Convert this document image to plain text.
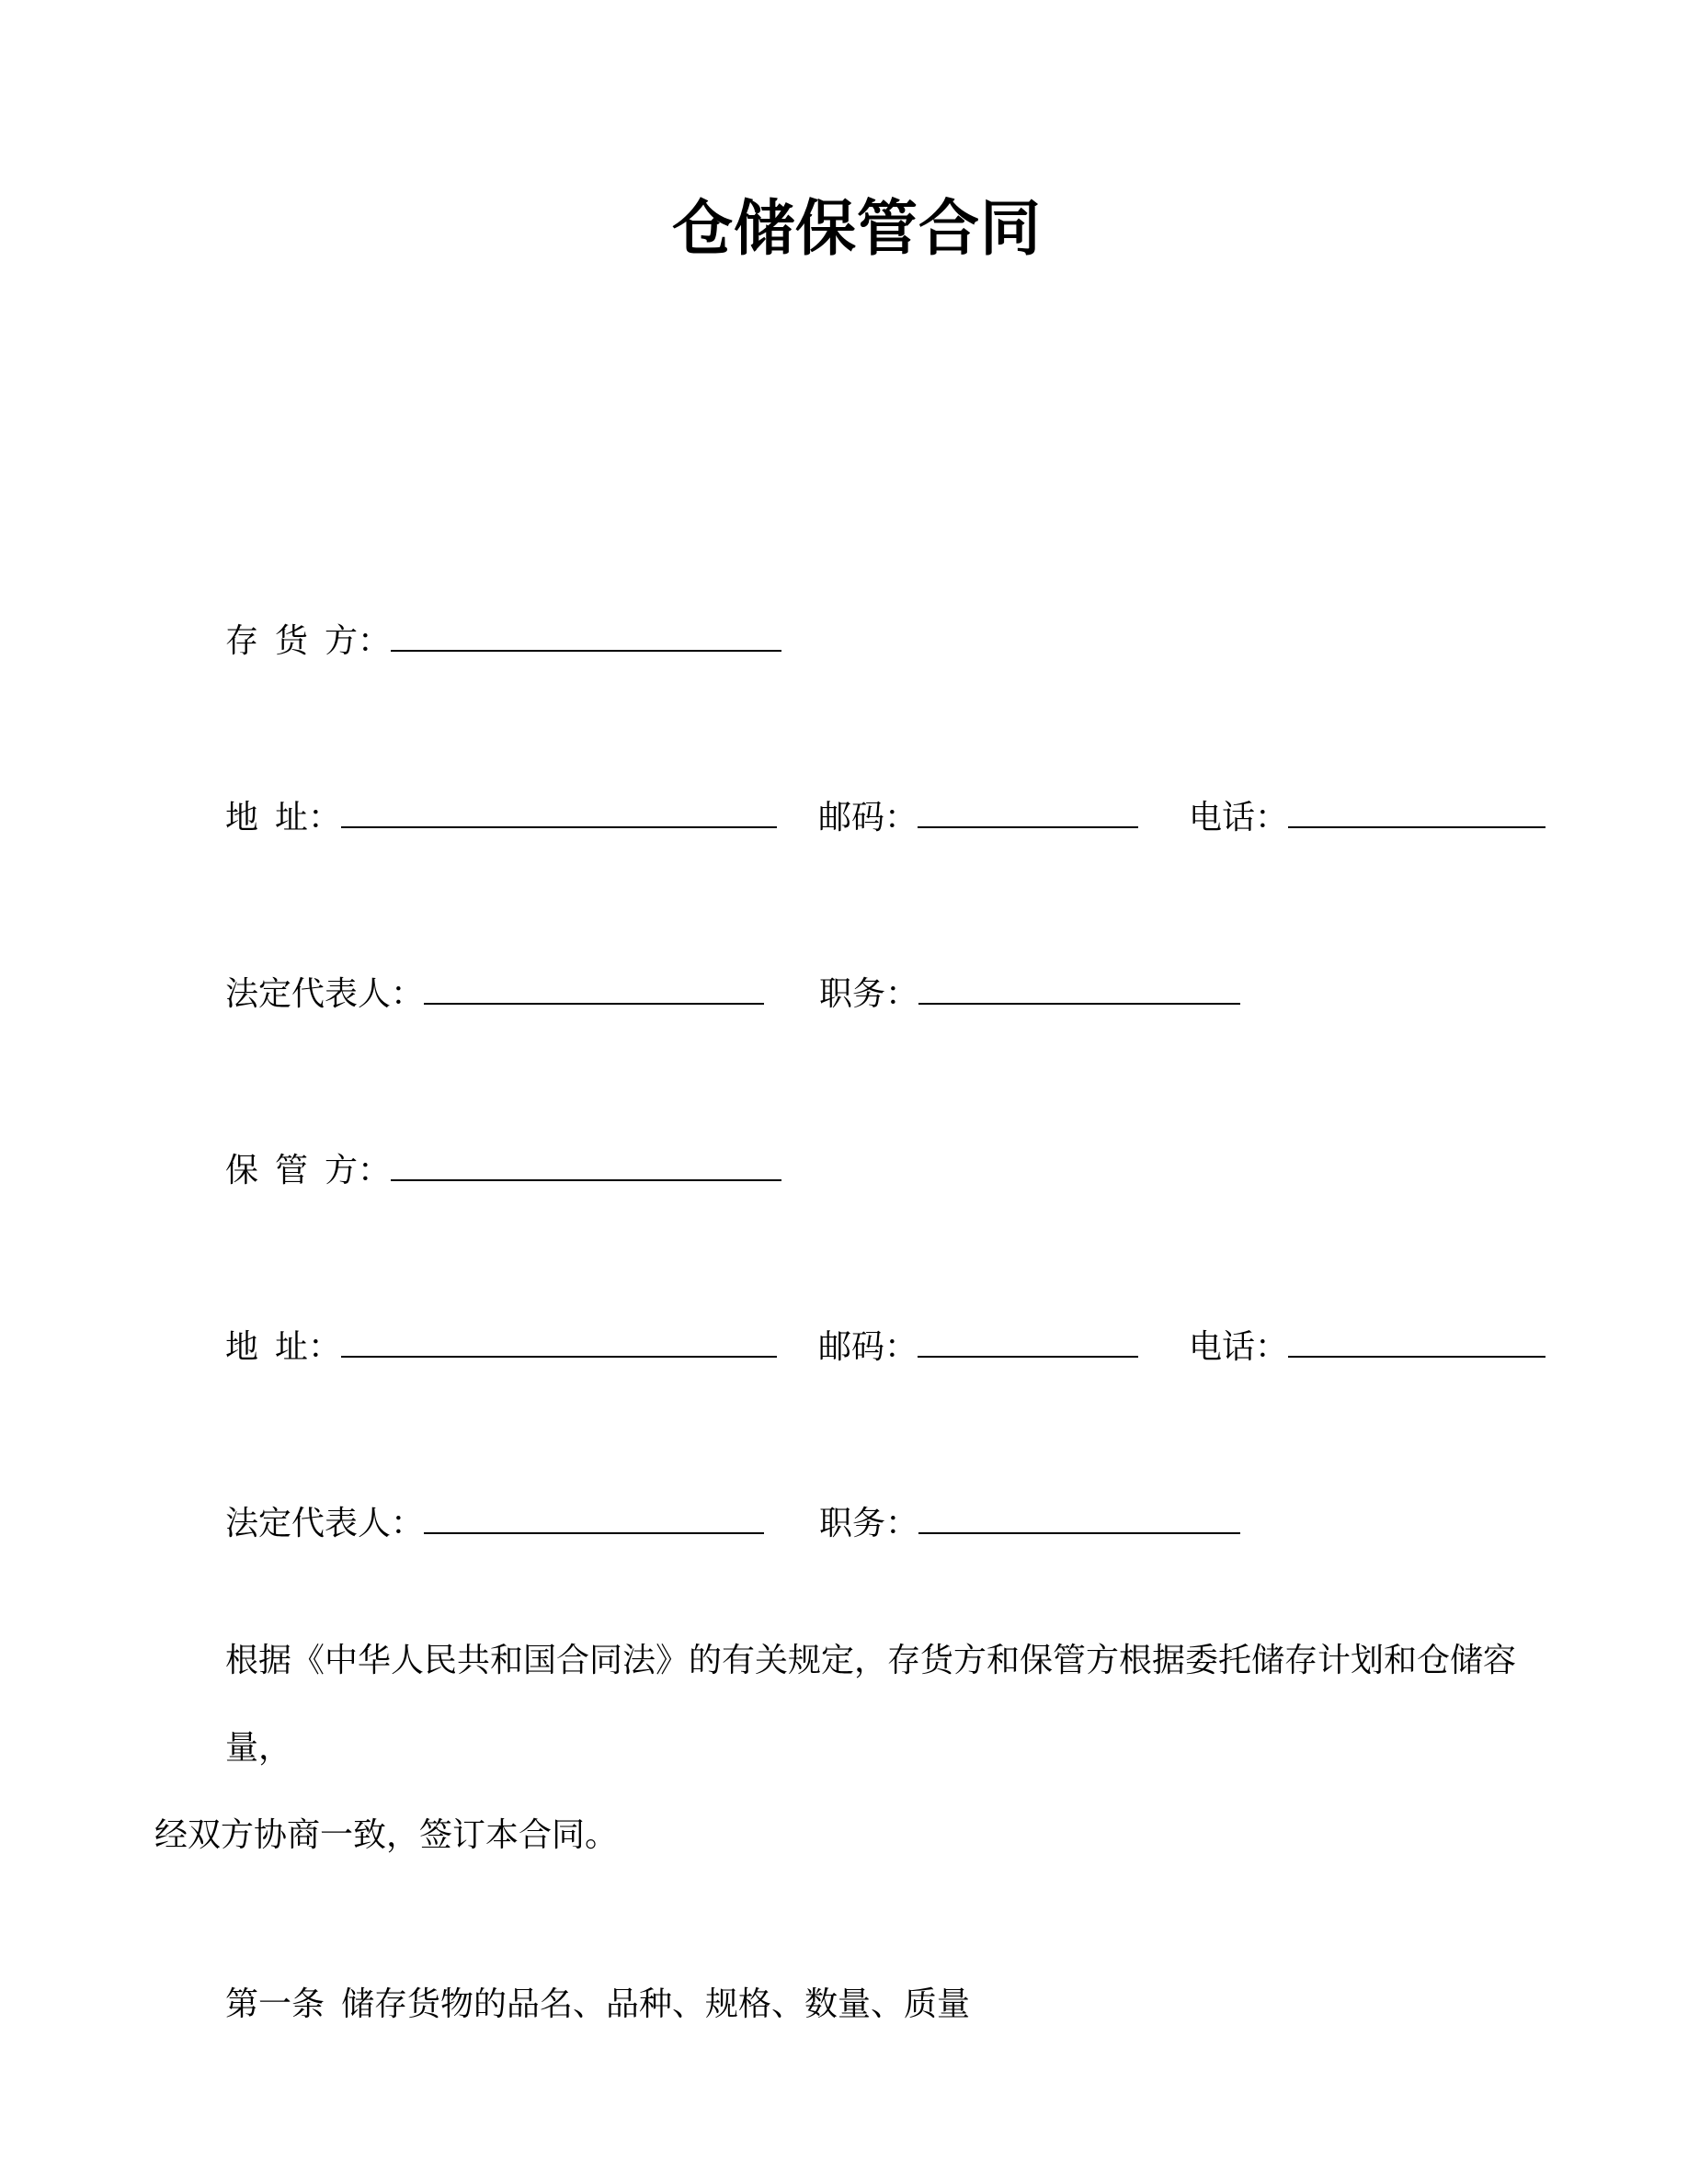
仓储保管合同
存  货  方：
地  址：	邮码：	电话：
法定代表人：	职务：
保  管  方：
地  址：	邮码：	电话：
法定代表人：	职务：
根据《中华人民共和国合同法》的有关规定，存货方和保管方根据委托储存计划和仓储容量，
经双方协商一致，签订本合同。
第一条  储存货物的品名、品种、规格、数量、质量
